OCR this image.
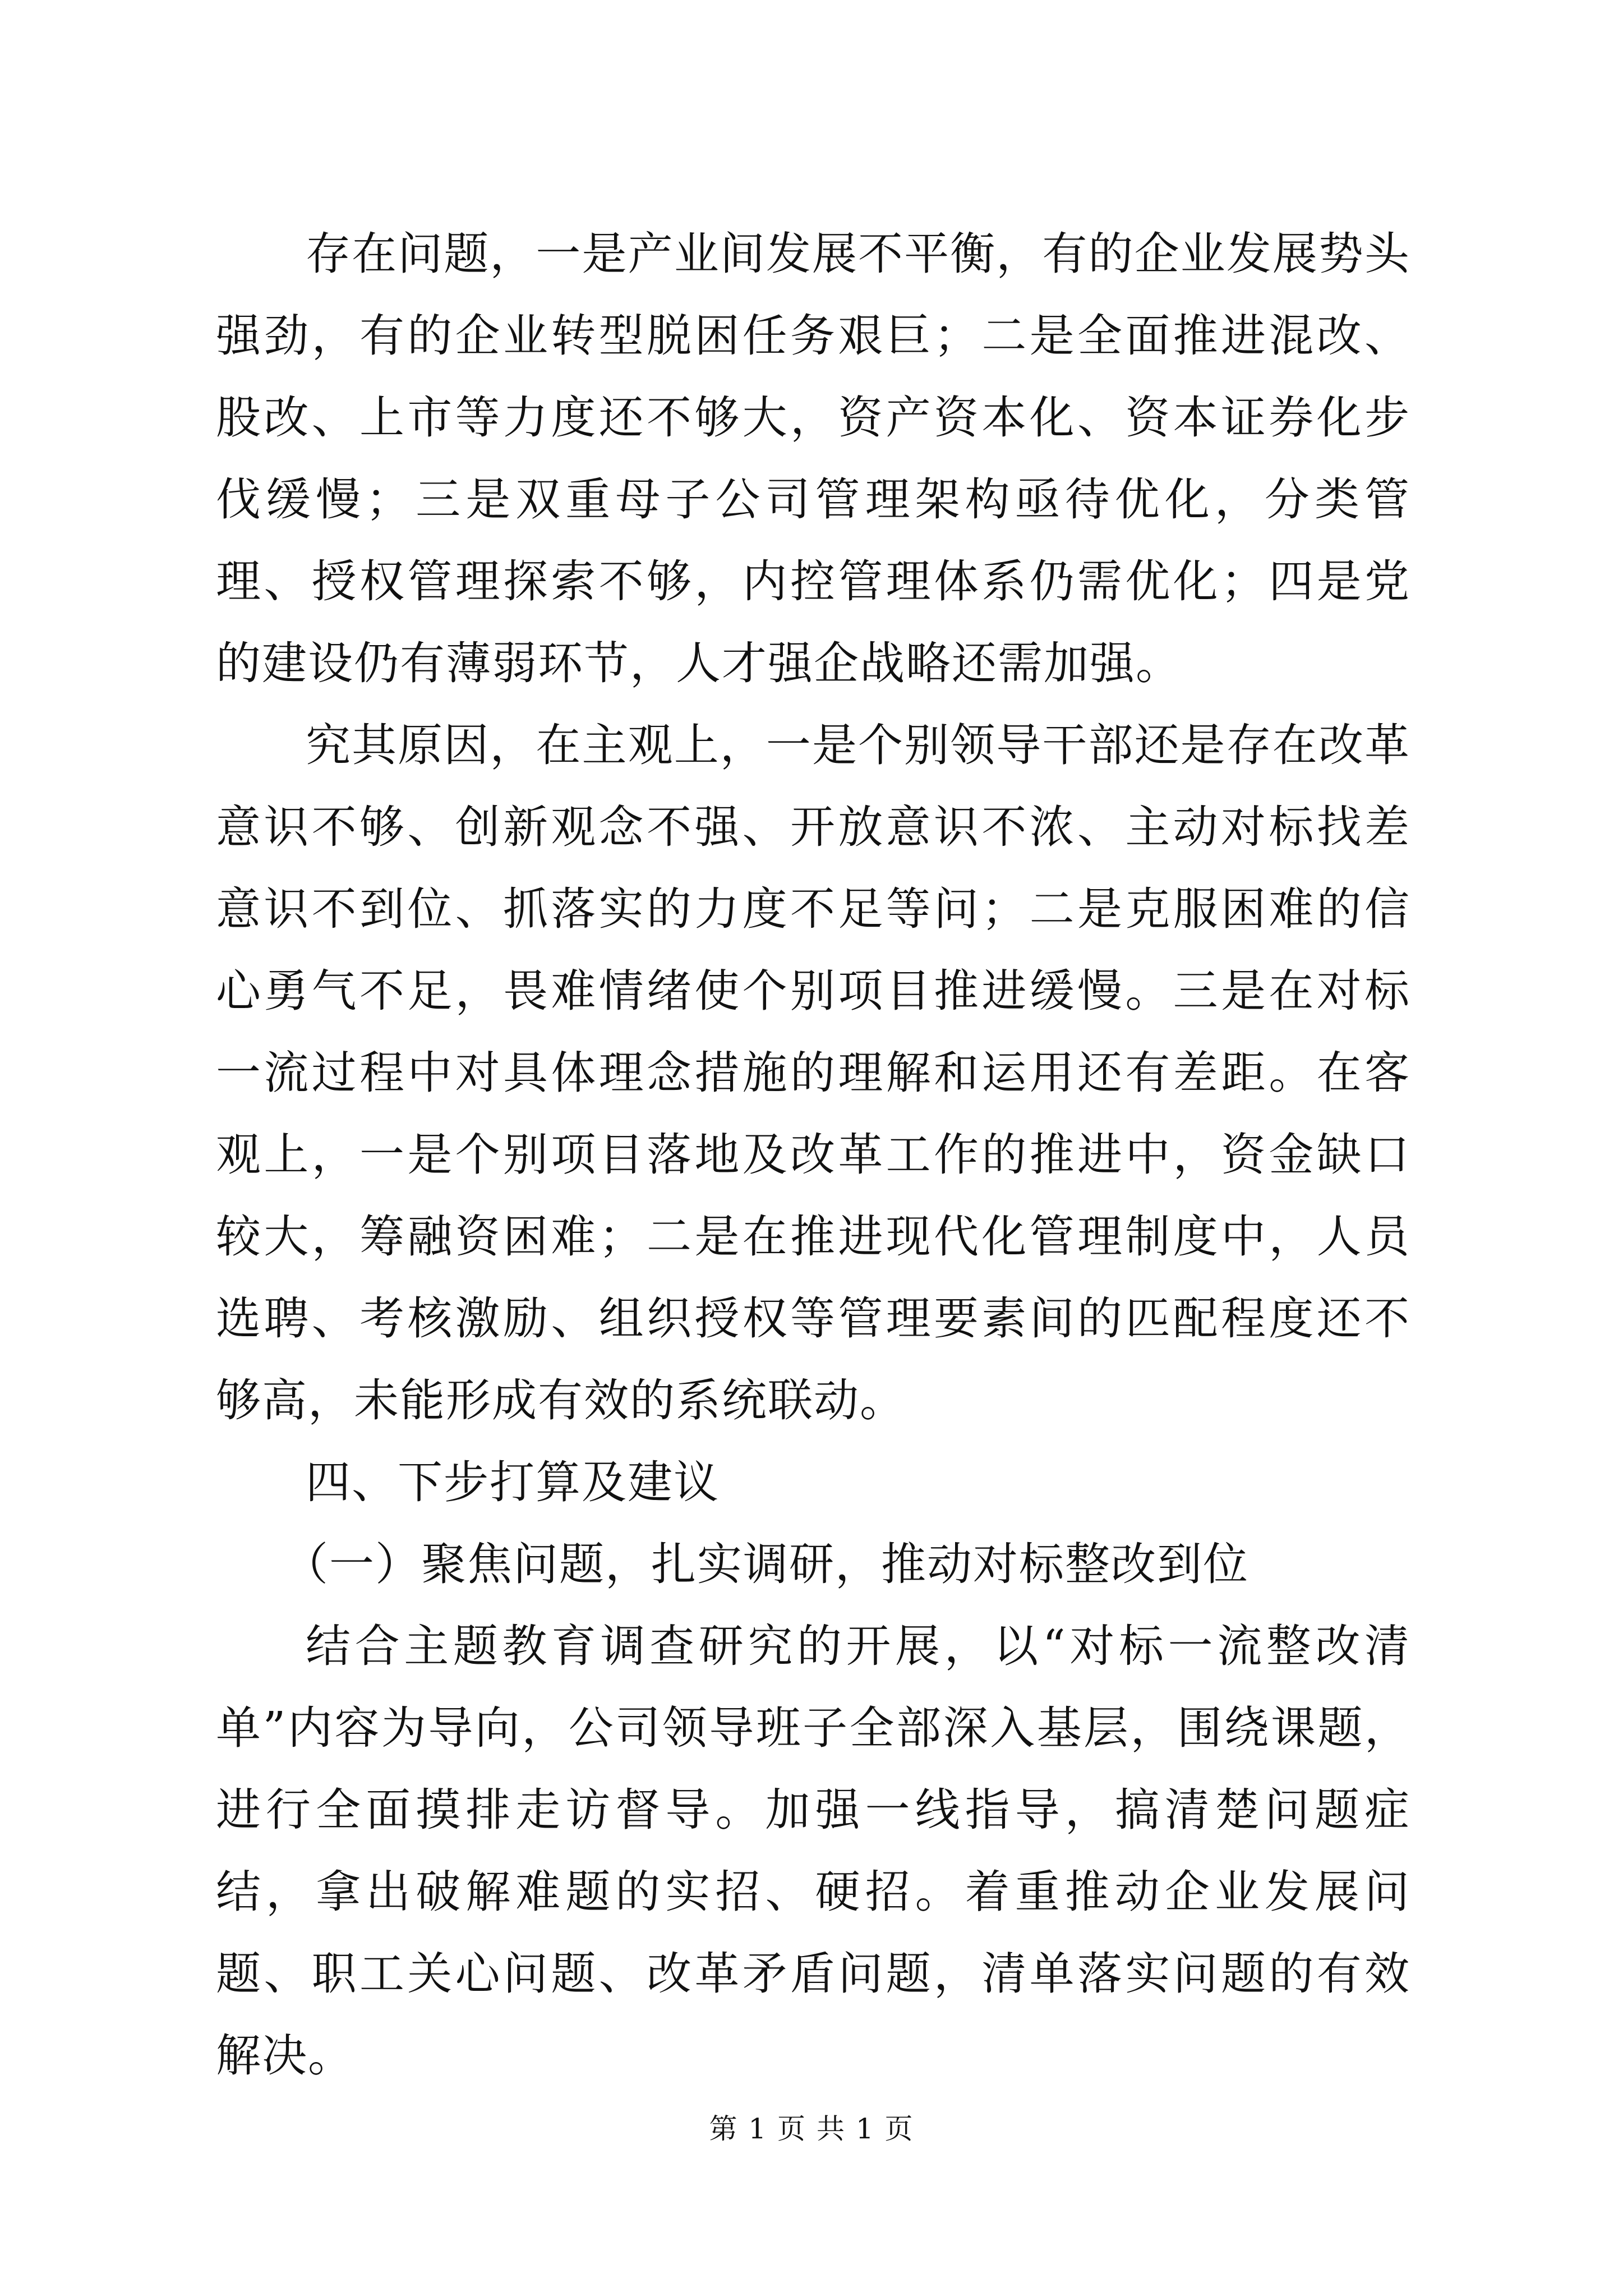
存在问题，一是产业间发展不平衡，有的企业发展势头强劲，有的企业转型脱困任务艰巨；二是全面推进混改、股改、上市等力度还不够大，资产资本化、资本证券化步伐缓慢；三是双重母子公司管理架构亟待优化，分类管理、授权管理探索不够，内控管理体系仍需优化；四是党的建设仍有薄弱环节，人才强企战略还需加强。

究其原因，在主观上，一是个别领导干部还是存在改革意识不够、创新观念不强、开放意识不浓、主动对标找差意识不到位、抓落实的力度不足等问；二是克服困难的信心勇气不足，畏难情绪使个别项目推进缓慢。三是在对标一流过程中对具体理念措施的理解和运用还有差距。在客观上，一是个别项目落地及改革工作的推进中，资金缺口较大，筹融资困难；二是在推进现代化管理制度中，人员选聘、考核激励、组织授权等管理要素间的匹配程度还不够高，未能形成有效的系统联动。

四、下步打算及建议

（一）聚焦问题，扎实调研，推动对标整改到位

结合主题教育调查研究的开展，以“对标一流整改清单”内容为导向，公司领导班子全部深入基层，围绕课题，进行全面摸排走访督导。加强一线指导，搞清楚问题症结，拿出破解难题的实招、硬招。着重推动企业发展问题、职工关心问题、改革矛盾问题，清单落实问题的有效解决。

第 1 页 共 1 页
